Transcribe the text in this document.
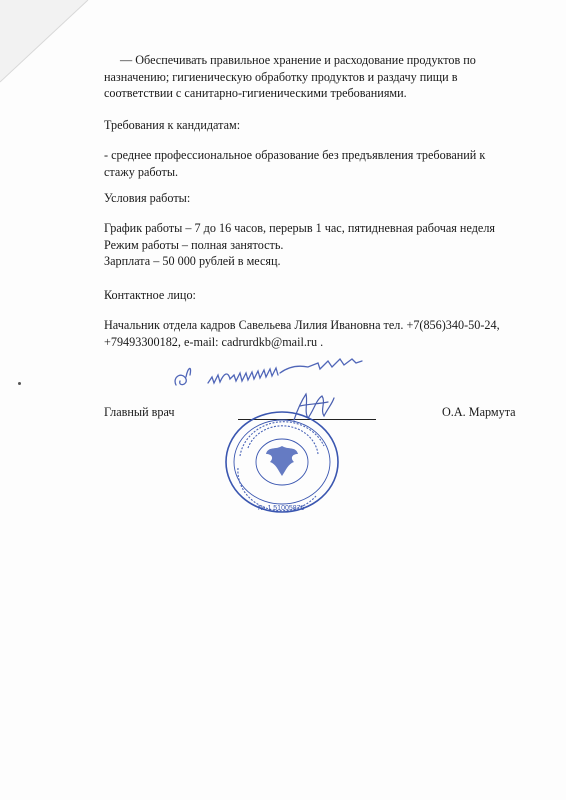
— Обеспечивать правильное хранение и расходование продуктов по
назначению; гигиеническую обработку продуктов и раздачу пищи в
соответствии с санитарно-гигиеническими требованиями.
Требования к кандидатам:
- среднее профессиональное образование без предъявления требований к
стажу работы.
Условия работы:
График работы – 7 до 16 часов, перерыв 1 час, пятидневная рабочая неделя
Режим работы – полная занятость.
Зарплата – 50 000 рублей в месяц.
Контактное лицо:
Начальник отдела кадров Савельева Лилия Ивановна тел. +7(856)340-50-24,
+79493300182, e-mail: cadrurdkb@mail.ru .
Главный врач	О.А. Мармута
№ 1 51005876
